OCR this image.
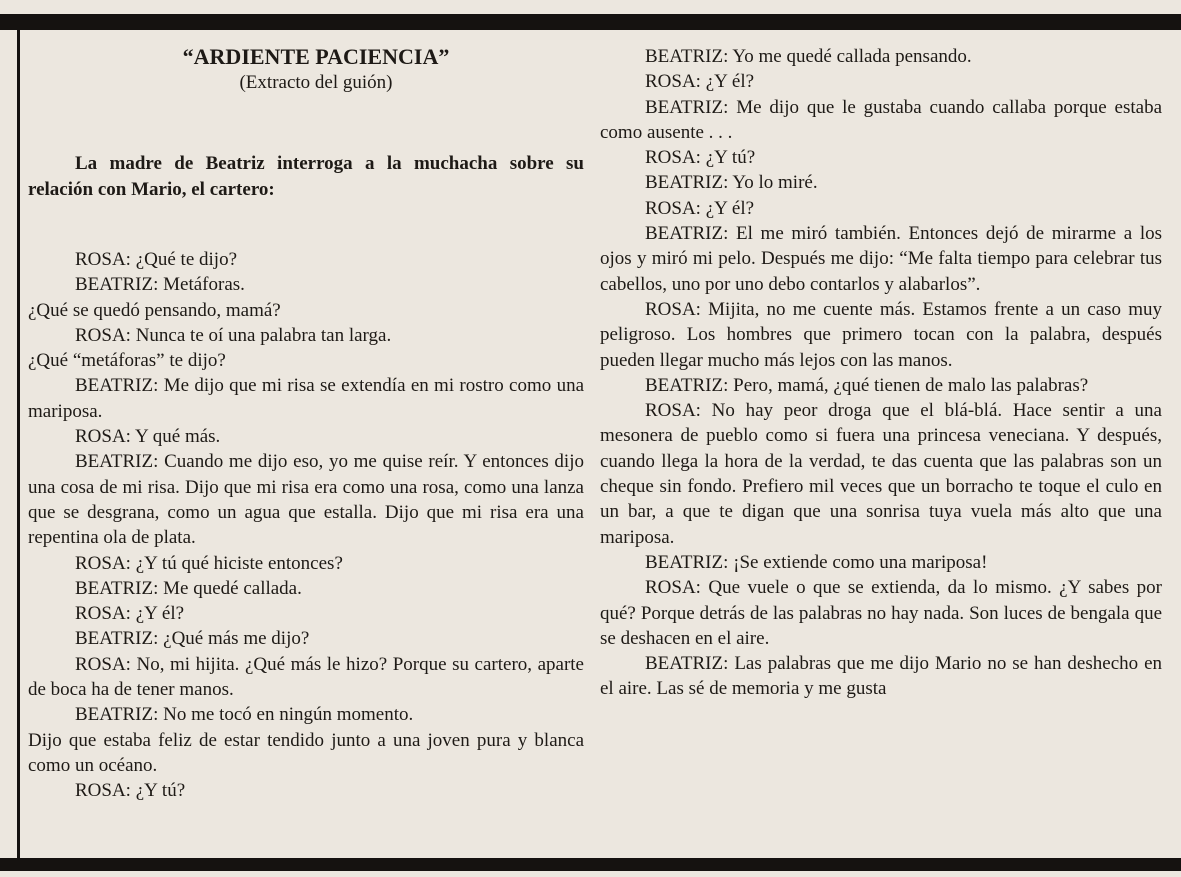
“ARDIENTE PACIENCIA”

(Extracto del guión)

La madre de Beatriz interroga a la muchacha sobre su relación con Mario, el cartero:

ROSA: ¿Qué te dijo?

BEATRIZ: Metáforas.

¿Qué se quedó pensando, mamá?

ROSA: Nunca te oí una palabra tan larga.

¿Qué “metáforas” te dijo?

BEATRIZ: Me dijo que mi risa se extendía en mi rostro como una mariposa.

ROSA: Y qué más.

BEATRIZ: Cuando me dijo eso, yo me quise reír. Y entonces dijo una cosa de mi risa. Dijo que mi risa era como una rosa, como una lanza que se desgrana, como un agua que estalla. Dijo que mi risa era una repentina ola de plata.

ROSA: ¿Y tú qué hiciste entonces?

BEATRIZ: Me quedé callada.

ROSA: ¿Y él?

BEATRIZ: ¿Qué más me dijo?

ROSA: No, mi hijita. ¿Qué más le hizo? Porque su cartero, aparte de boca ha de tener manos.

BEATRIZ: No me tocó en ningún momento.

Dijo que estaba feliz de estar tendido junto a una joven pura y blanca como un océano.

ROSA: ¿Y tú?

BEATRIZ: Yo me quedé callada pensando.

ROSA: ¿Y él?

BEATRIZ: Me dijo que le gustaba cuando callaba porque estaba como ausente . . .

ROSA: ¿Y tú?

BEATRIZ: Yo lo miré.

ROSA: ¿Y él?

BEATRIZ: El me miró también. Entonces dejó de mirarme a los ojos y miró mi pelo. Después me dijo: “Me falta tiempo para celebrar tus cabellos, uno por uno debo contarlos y alabarlos”.

ROSA: Mijita, no me cuente más. Estamos frente a un caso muy peligroso. Los hombres que primero tocan con la palabra, después pueden llegar mucho más lejos con las manos.

BEATRIZ: Pero, mamá, ¿qué tienen de malo las palabras?

ROSA: No hay peor droga que el blá-blá. Hace sentir a una mesonera de pueblo como si fuera una princesa veneciana. Y después, cuando llega la hora de la verdad, te das cuenta que las palabras son un cheque sin fondo. Prefiero mil veces que un borracho te toque el culo en un bar, a que te digan que una sonrisa tuya vuela más alto que una mariposa.

BEATRIZ: ¡Se extiende como una mariposa!

ROSA: Que vuele o que se extienda, da lo mismo. ¿Y sabes por qué? Porque detrás de las palabras no hay nada. Son luces de bengala que se deshacen en el aire.

BEATRIZ: Las palabras que me dijo Mario no se han deshecho en el aire. Las sé de memoria y me gusta
